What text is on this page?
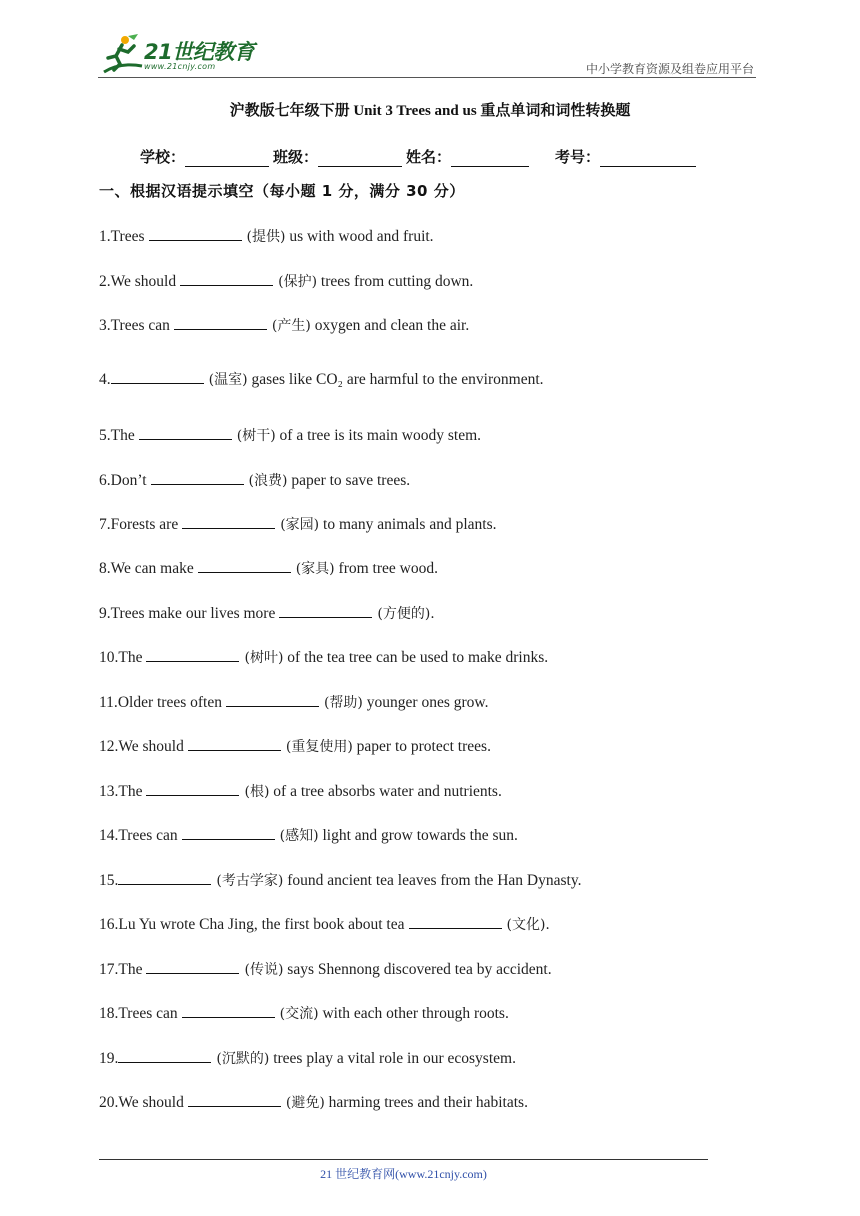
21世纪教育
www.21cnjy.com	中小学教育资源及组卷应用平台
沪教版七年级下册 Unit 3 Trees and us 重点单词和词性转换题
学校：	班级：	姓名：	考号：
一、根据汉语提示填空（每小题 1 分，满分 30 分）
1.Trees	(提供) us with wood and fruit.
2.We should	(保护) trees from cutting down.
3.Trees can	(产生) oxygen and clean the air.
4.	(温室) gases like CO₂ are harmful to the environment.
5.The	(树干) of a tree is its main woody stem.
6.Don’t	(浪费) paper to save trees.
7.Forests are	(家园) to many animals and plants.
8.We can make	(家具) from tree wood.
9.Trees make our lives more	(方便的).
10.The	(树叶) of the tea tree can be used to make drinks.
11.Older trees often	(帮助) younger ones grow.
12.We should	(重复使用) paper to protect trees.
13.The	(根) of a tree absorbs water and nutrients.
14.Trees can	(感知) light and grow towards the sun.
15.	(考古学家) found ancient tea leaves from the Han Dynasty.
16.Lu Yu wrote Cha Jing, the first book about tea	(文化).
17.The	(传说) says Shennong discovered tea by accident.
18.Trees can	(交流) with each other through roots.
19.	(沉默的) trees play a vital role in our ecosystem.
20.We should	(避免) harming trees and their habitats.
21 世纪教育网(www.21cnjy.com)
